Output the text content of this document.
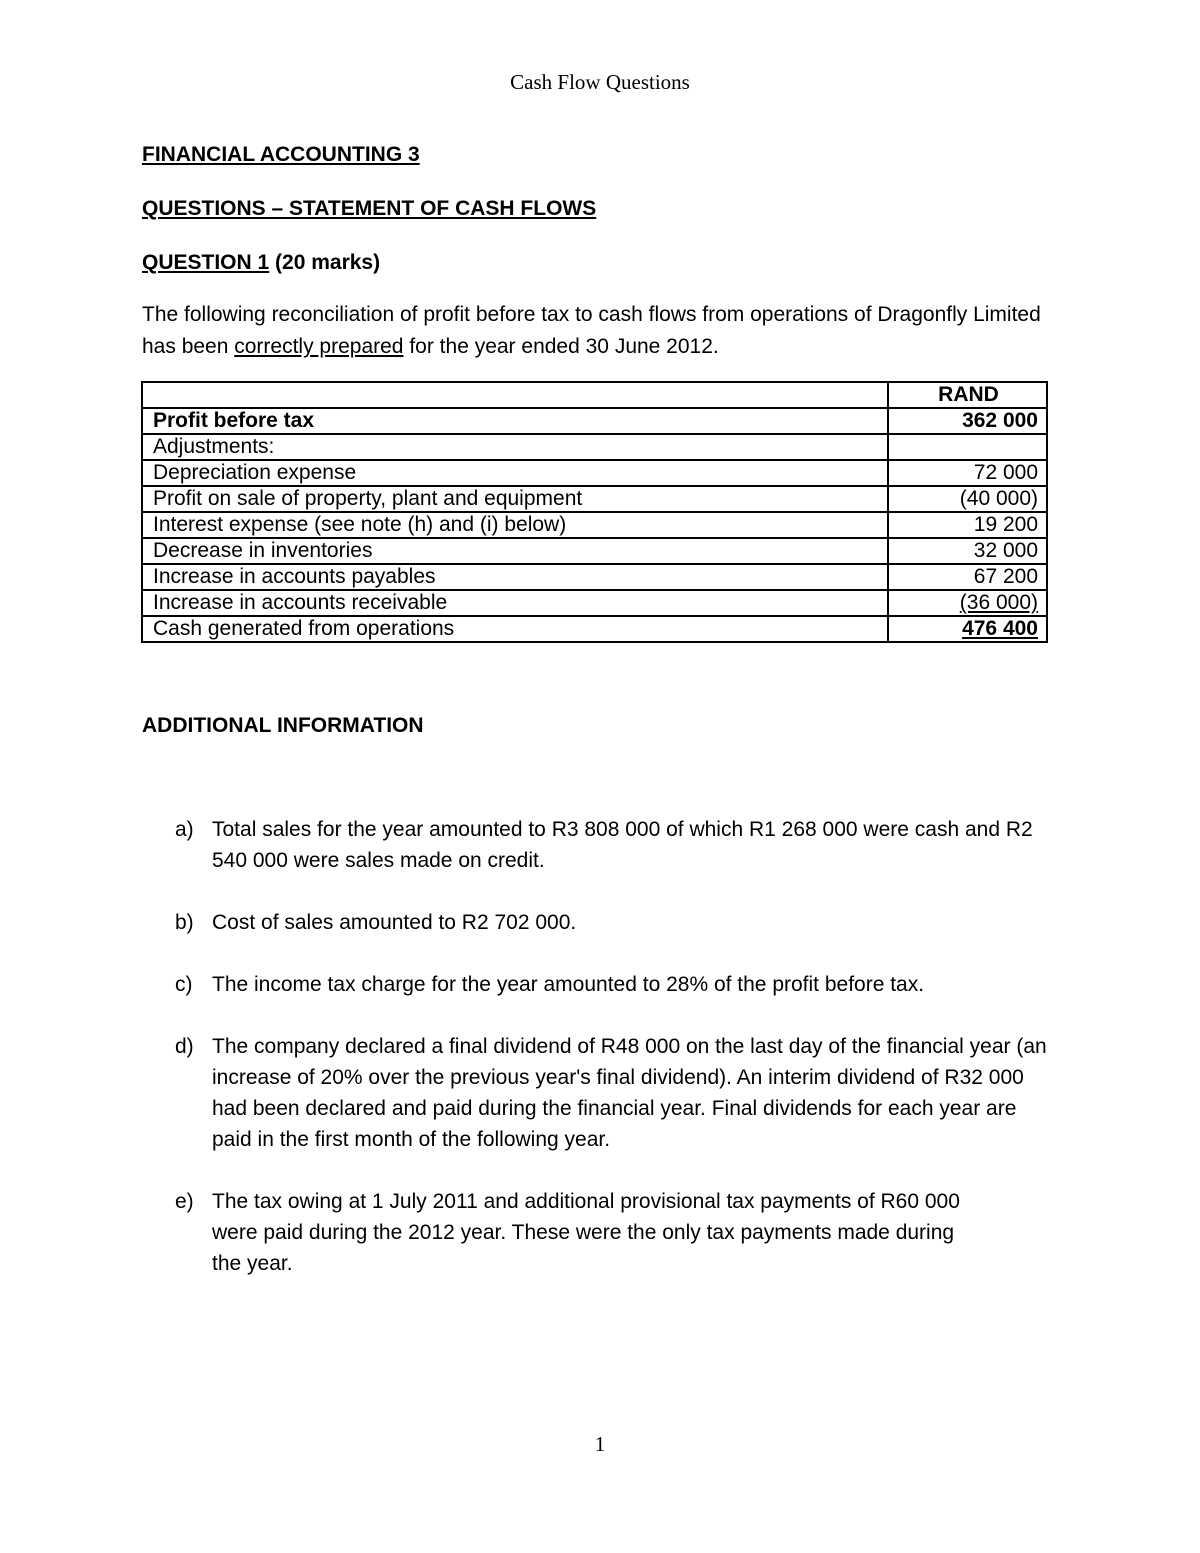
Cash Flow Questions
FINANCIAL ACCOUNTING 3
QUESTIONS – STATEMENT OF CASH FLOWS
QUESTION 1 (20 marks)
The following reconciliation of profit before tax to cash flows from operations of Dragonfly Limited has been correctly prepared for the year ended 30 June 2012.
	RAND
Profit before tax	362 000
Adjustments:	
Depreciation expense	72 000
Profit on sale of property, plant and equipment	(40 000)
Interest expense (see note (h) and (i) below)	19 200
Decrease in inventories	32 000
Increase in accounts payables	67 200
Increase in accounts receivable	(36 000)
Cash generated from operations	476 400
ADDITIONAL INFORMATION
a) Total sales for the year amounted to R3 808 000 of which R1 268 000 were cash and R2 540 000 were sales made on credit.
b) Cost of sales amounted to R2 702 000.
c) The income tax charge for the year amounted to 28% of the profit before tax.
d) The company declared a final dividend of R48 000 on the last day of the financial year (an increase of 20% over the previous year's final dividend). An interim dividend of R32 000 had been declared and paid during the financial year. Final dividends for each year are paid in the first month of the following year.
e) The tax owing at 1 July 2011 and additional provisional tax payments of R60 000 were paid during the 2012 year. These were the only tax payments made during the year.
1
